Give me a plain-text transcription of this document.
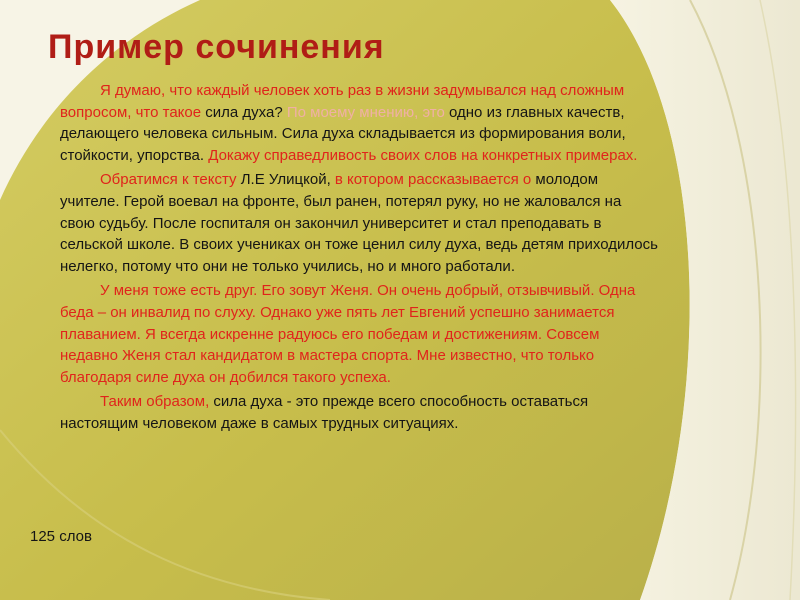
Пример сочинения

Я думаю, что каждый человек хоть раз в жизни задумывался над сложным вопросом, что такое сила духа? По моему мнению, это одно из главных качеств, делающего человека сильным. Сила духа складывается из формирования воли, стойкости, упорства. Докажу справедливость своих слов на конкретных примерах.

Обратимся к тексту Л.Е Улицкой, в котором рассказывается о молодом учителе. Герой воевал на фронте, был ранен, потерял руку, но не жаловался на свою судьбу. После госпиталя он закончил университет и стал преподавать в сельской школе. В своих учениках он тоже ценил силу духа, ведь детям приходилось нелегко, потому что они не только учились, но и много работали.

У меня тоже есть друг. Его зовут Женя. Он очень добрый, отзывчивый. Одна беда – он инвалид по слуху. Однако уже пять лет Евгений успешно занимается плаванием. Я всегда искренне радуюсь его победам и достижениям. Совсем недавно Женя стал кандидатом в мастера спорта. Мне известно, что только благодаря силе духа он добился такого успеха.

Таким образом, сила духа - это прежде всего способность оставаться настоящим человеком даже в самых трудных ситуациях.

125 слов
